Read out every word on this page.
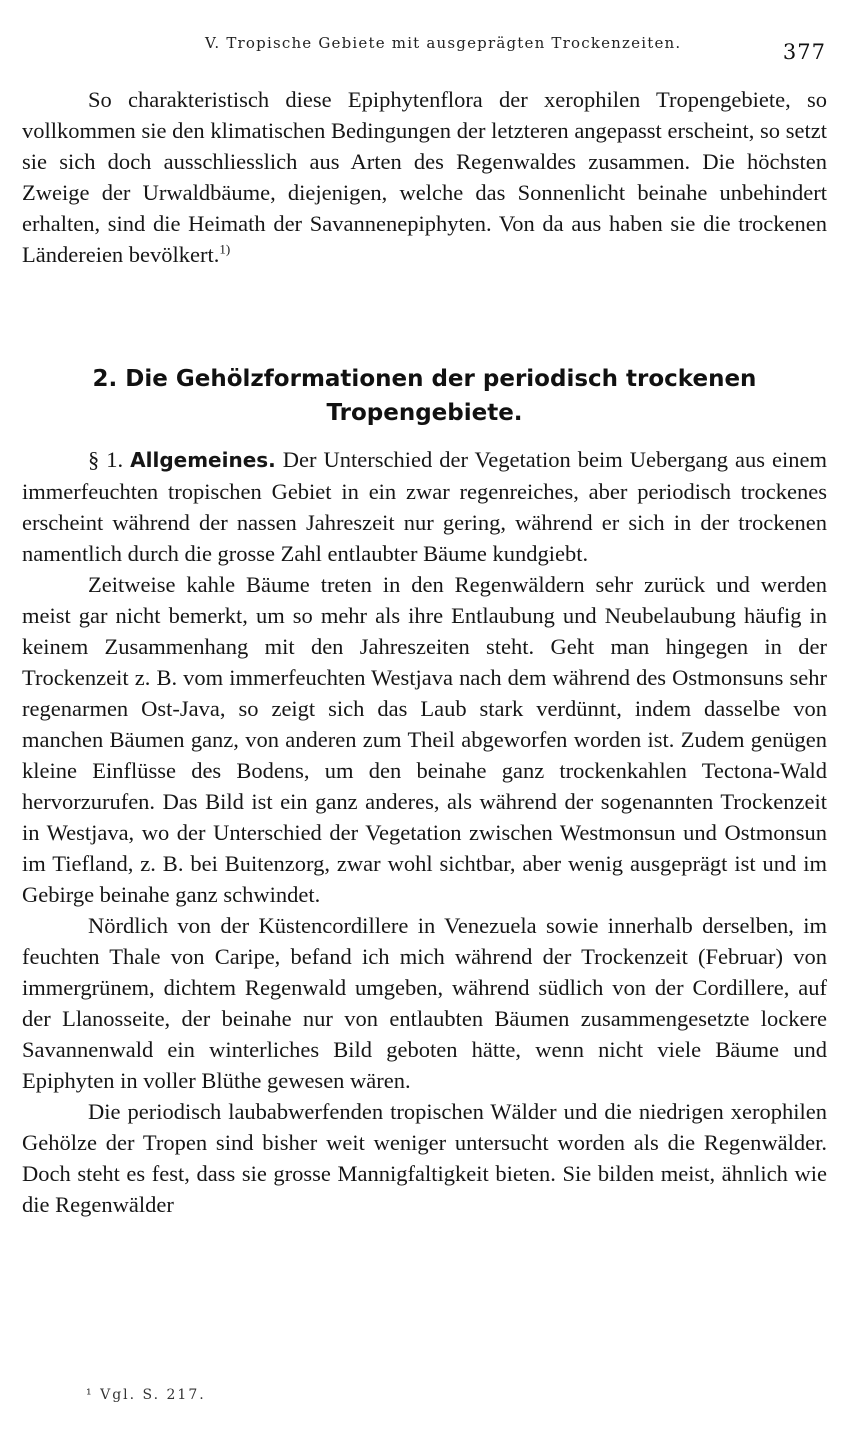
V. Tropische Gebiete mit ausgeprägten Trockenzeiten.	377

So charakteristisch diese Epiphytenflora der xerophilen Tropengebiete, so vollkommen sie den klimatischen Bedingungen der letzteren angepasst erscheint, so setzt sie sich doch ausschliesslich aus Arten des Regenwaldes zusammen. Die höchsten Zweige der Urwaldbäume, diejenigen, welche das Sonnenlicht beinahe unbehindert erhalten, sind die Heimath der Savannenepiphyten. Von da aus haben sie die trockenen Ländereien bevölkert.$^{1)}$

2. Die Gehölzformationen der periodisch trockenen
Tropengebiete.

§ 1. Allgemeines. Der Unterschied der Vegetation beim Uebergang aus einem immerfeuchten tropischen Gebiet in ein zwar regenreiches, aber periodisch trockenes erscheint während der nassen Jahreszeit nur gering, während er sich in der trockenen namentlich durch die grosse Zahl entlaubter Bäume kundgiebt.

Zeitweise kahle Bäume treten in den Regenwäldern sehr zurück und werden meist gar nicht bemerkt, um so mehr als ihre Entlaubung und Neubelaubung häufig in keinem Zusammenhang mit den Jahreszeiten steht. Geht man hingegen in der Trockenzeit z. B. vom immerfeuchten Westjava nach dem während des Ostmonsuns sehr regenarmen Ost-Java, so zeigt sich das Laub stark verdünnt, indem dasselbe von manchen Bäumen ganz, von anderen zum Theil abgeworfen worden ist. Zudem genügen kleine Einflüsse des Bodens, um den beinahe ganz trockenkahlen Tectona-Wald hervorzurufen. Das Bild ist ein ganz anderes, als während der sogenannten Trockenzeit in Westjava, wo der Unterschied der Vegetation zwischen Westmonsun und Ostmonsun im Tiefland, z. B. bei Buitenzorg, zwar wohl sichtbar, aber wenig ausgeprägt ist und im Gebirge beinahe ganz schwindet.

Nördlich von der Küstencordillere in Venezuela sowie innerhalb derselben, im feuchten Thale von Caripe, befand ich mich während der Trockenzeit (Februar) von immergrünem, dichtem Regenwald umgeben, während südlich von der Cordillere, auf der Llanosseite, der beinahe nur von entlaubten Bäumen zusammengesetzte lockere Savannenwald ein winterliches Bild geboten hätte, wenn nicht viele Bäume und Epiphyten in voller Blüthe gewesen wären.

Die periodisch laubabwerfenden tropischen Wälder und die niedrigen xerophilen Gehölze der Tropen sind bisher weit weniger untersucht worden als die Regenwälder. Doch steht es fest, dass sie grosse Mannigfaltigkeit bieten. Sie bilden meist, ähnlich wie die Regenwälder

¹ Vgl. S. 217.
